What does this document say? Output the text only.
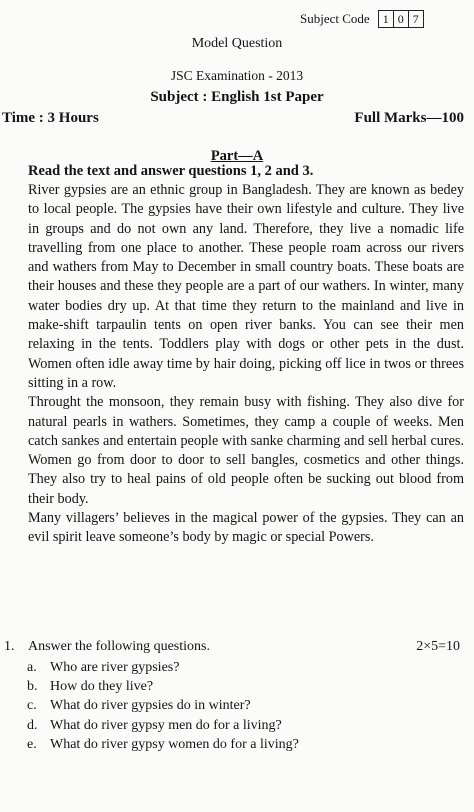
Subject Code	1 0 7
Model Question
JSC Examination - 2013
Subject : English 1st Paper
Time : 3 Hours	Full Marks—100
Part—A
Read the text and answer questions 1, 2 and 3.

River gypsies are an ethnic group in Bangladesh. They are known as bedey to local people. The gypsies have their own lifestyle and culture. They live in groups and do not own any land. Therefore, they live a nomadic life travelling from one place to another. These people roam across our rivers and wathers from May to December in small country boats. These boats are their houses and these they people are a part of our wathers. In winter, many water bodies dry up. At that time they return to the mainland and live in make-shift tarpaulin tents on open river banks. You can see their men relaxing in the tents. Toddlers play with dogs or other pets in the dust. Women often idle away time by hair doing, picking off lice in twos or threes sitting in a row.

Throught the monsoon, they remain busy with fishing. They also dive for natural pearls in wathers. Sometimes, they camp a couple of weeks. Men catch sankes and entertain people with sanke charming and sell herbal cures. Women go from door to door to sell bangles, cosmetics and other things. They also try to heal pains of old people often be sucking out blood from their body.

Many villagers’ believes in the magical power of the gypsies. They can an evil spirit leave someone’s body by magic or special Powers.

1. Answer the following questions.	2×5=10
a. Who are river gypsies?
b. How do they live?
c. What do river gypsies do in winter?
d. What do river gypsy men do for a living?
e. What do river gypsy women do for a living?
